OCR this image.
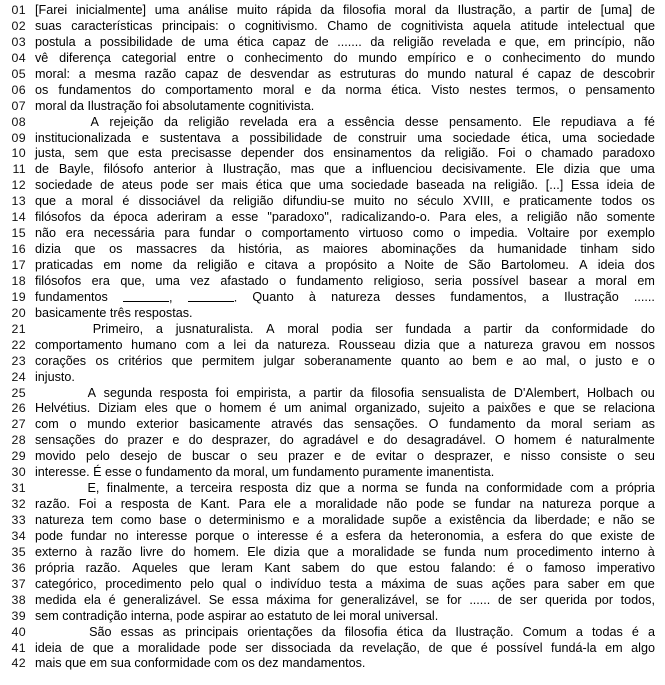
01 [Farei inicialmente] uma análise muito rápida da filosofia moral da Ilustração, a partir de [uma] de
02 suas características principais: o cognitivismo. Chamo de cognitivista aquela atitude intelectual que
03 postula a possibilidade de uma ética capaz de ....... da religião revelada e que, em princípio, não
04 vê diferença categorial entre o conhecimento do mundo empírico e o conhecimento do mundo
05 moral: a mesma razão capaz de desvendar as estruturas do mundo natural é capaz de descobrir
06 os fundamentos do comportamento moral e da norma ética. Visto nestes termos, o pensamento
07 moral da Ilustração foi absolutamente cognitivista.
08	A rejeição da religião revelada era a essência desse pensamento. Ele repudiava a fé
09 institucionalizada e sustentava a possibilidade de construir uma sociedade ética, uma sociedade
10 justa, sem que esta precisasse depender dos ensinamentos da religião. Foi o chamado paradoxo
11 de Bayle, filósofo anterior à Ilustração, mas que a influenciou decisivamente. Ele dizia que uma
12 sociedade de ateus pode ser mais ética que uma sociedade baseada na religião. [...] Essa ideia de
13 que a moral é dissociável da religião difundiu-se muito no século XVIII, e praticamente todos os
14 filósofos da época aderiram a esse "paradoxo", radicalizando-o. Para eles, a religião não somente
15 não era necessária para fundar o comportamento virtuoso como o impedia. Voltaire por exemplo
16 dizia que os massacres da história, as maiores abominações da humanidade tinham sido
17 praticadas em nome da religião e citava a propósito a Noite de São Bartolomeu. A ideia dos
18 filósofos era que, uma vez afastado o fundamento religioso, seria possível basear a moral em
19 fundamentos	,	. Quanto à natureza desses fundamentos, a Ilustração ......
20 basicamente três respostas.
21	Primeiro, a jusnaturalista. A moral podia ser fundada a partir da conformidade do
22 comportamento humano com a lei da natureza. Rousseau dizia que a natureza gravou em nossos
23 corações os critérios que permitem julgar soberanamente quanto ao bem e ao mal, o justo e o
24 injusto.
25	A segunda resposta foi empirista, a partir da filosofia sensualista de D'Alembert, Holbach ou
26 Helvétius. Diziam eles que o homem é um animal organizado, sujeito a paixões e que se relaciona
27 com o mundo exterior basicamente através das sensações. O fundamento da moral seriam as
28 sensações do prazer e do desprazer, do agradável e do desagradável. O homem é naturalmente
29 movido pelo desejo de buscar o seu prazer e de evitar o desprazer, e nisso consiste o seu
30 interesse. É esse o fundamento da moral, um fundamento puramente imanentista.
31	E, finalmente, a terceira resposta diz que a norma se funda na conformidade com a própria
32 razão. Foi a resposta de Kant. Para ele a moralidade não pode se fundar na natureza porque a
33 natureza tem como base o determinismo e a moralidade supõe a existência da liberdade; e não se
34 pode fundar no interesse porque o interesse é a esfera da heteronomia, a esfera do que existe de
35 externo à razão livre do homem. Ele dizia que a moralidade se funda num procedimento interno à
36 própria razão. Aqueles que leram Kant sabem do que estou falando: é o famoso imperativo
37 categórico, procedimento pelo qual o indivíduo testa a máxima de suas ações para saber em que
38 medida ela é generalizável. Se essa máxima for generalizável, se for ...... de ser querida por todos,
39 sem contradição interna, pode aspirar ao estatuto de lei moral universal.
40	São essas as principais orientações da filosofia ética da Ilustração. Comum a todas é a
41 ideia de que a moralidade pode ser dissociada da revelação, de que é possível fundá-la em algo
42 mais que em sua conformidade com os dez mandamentos.
